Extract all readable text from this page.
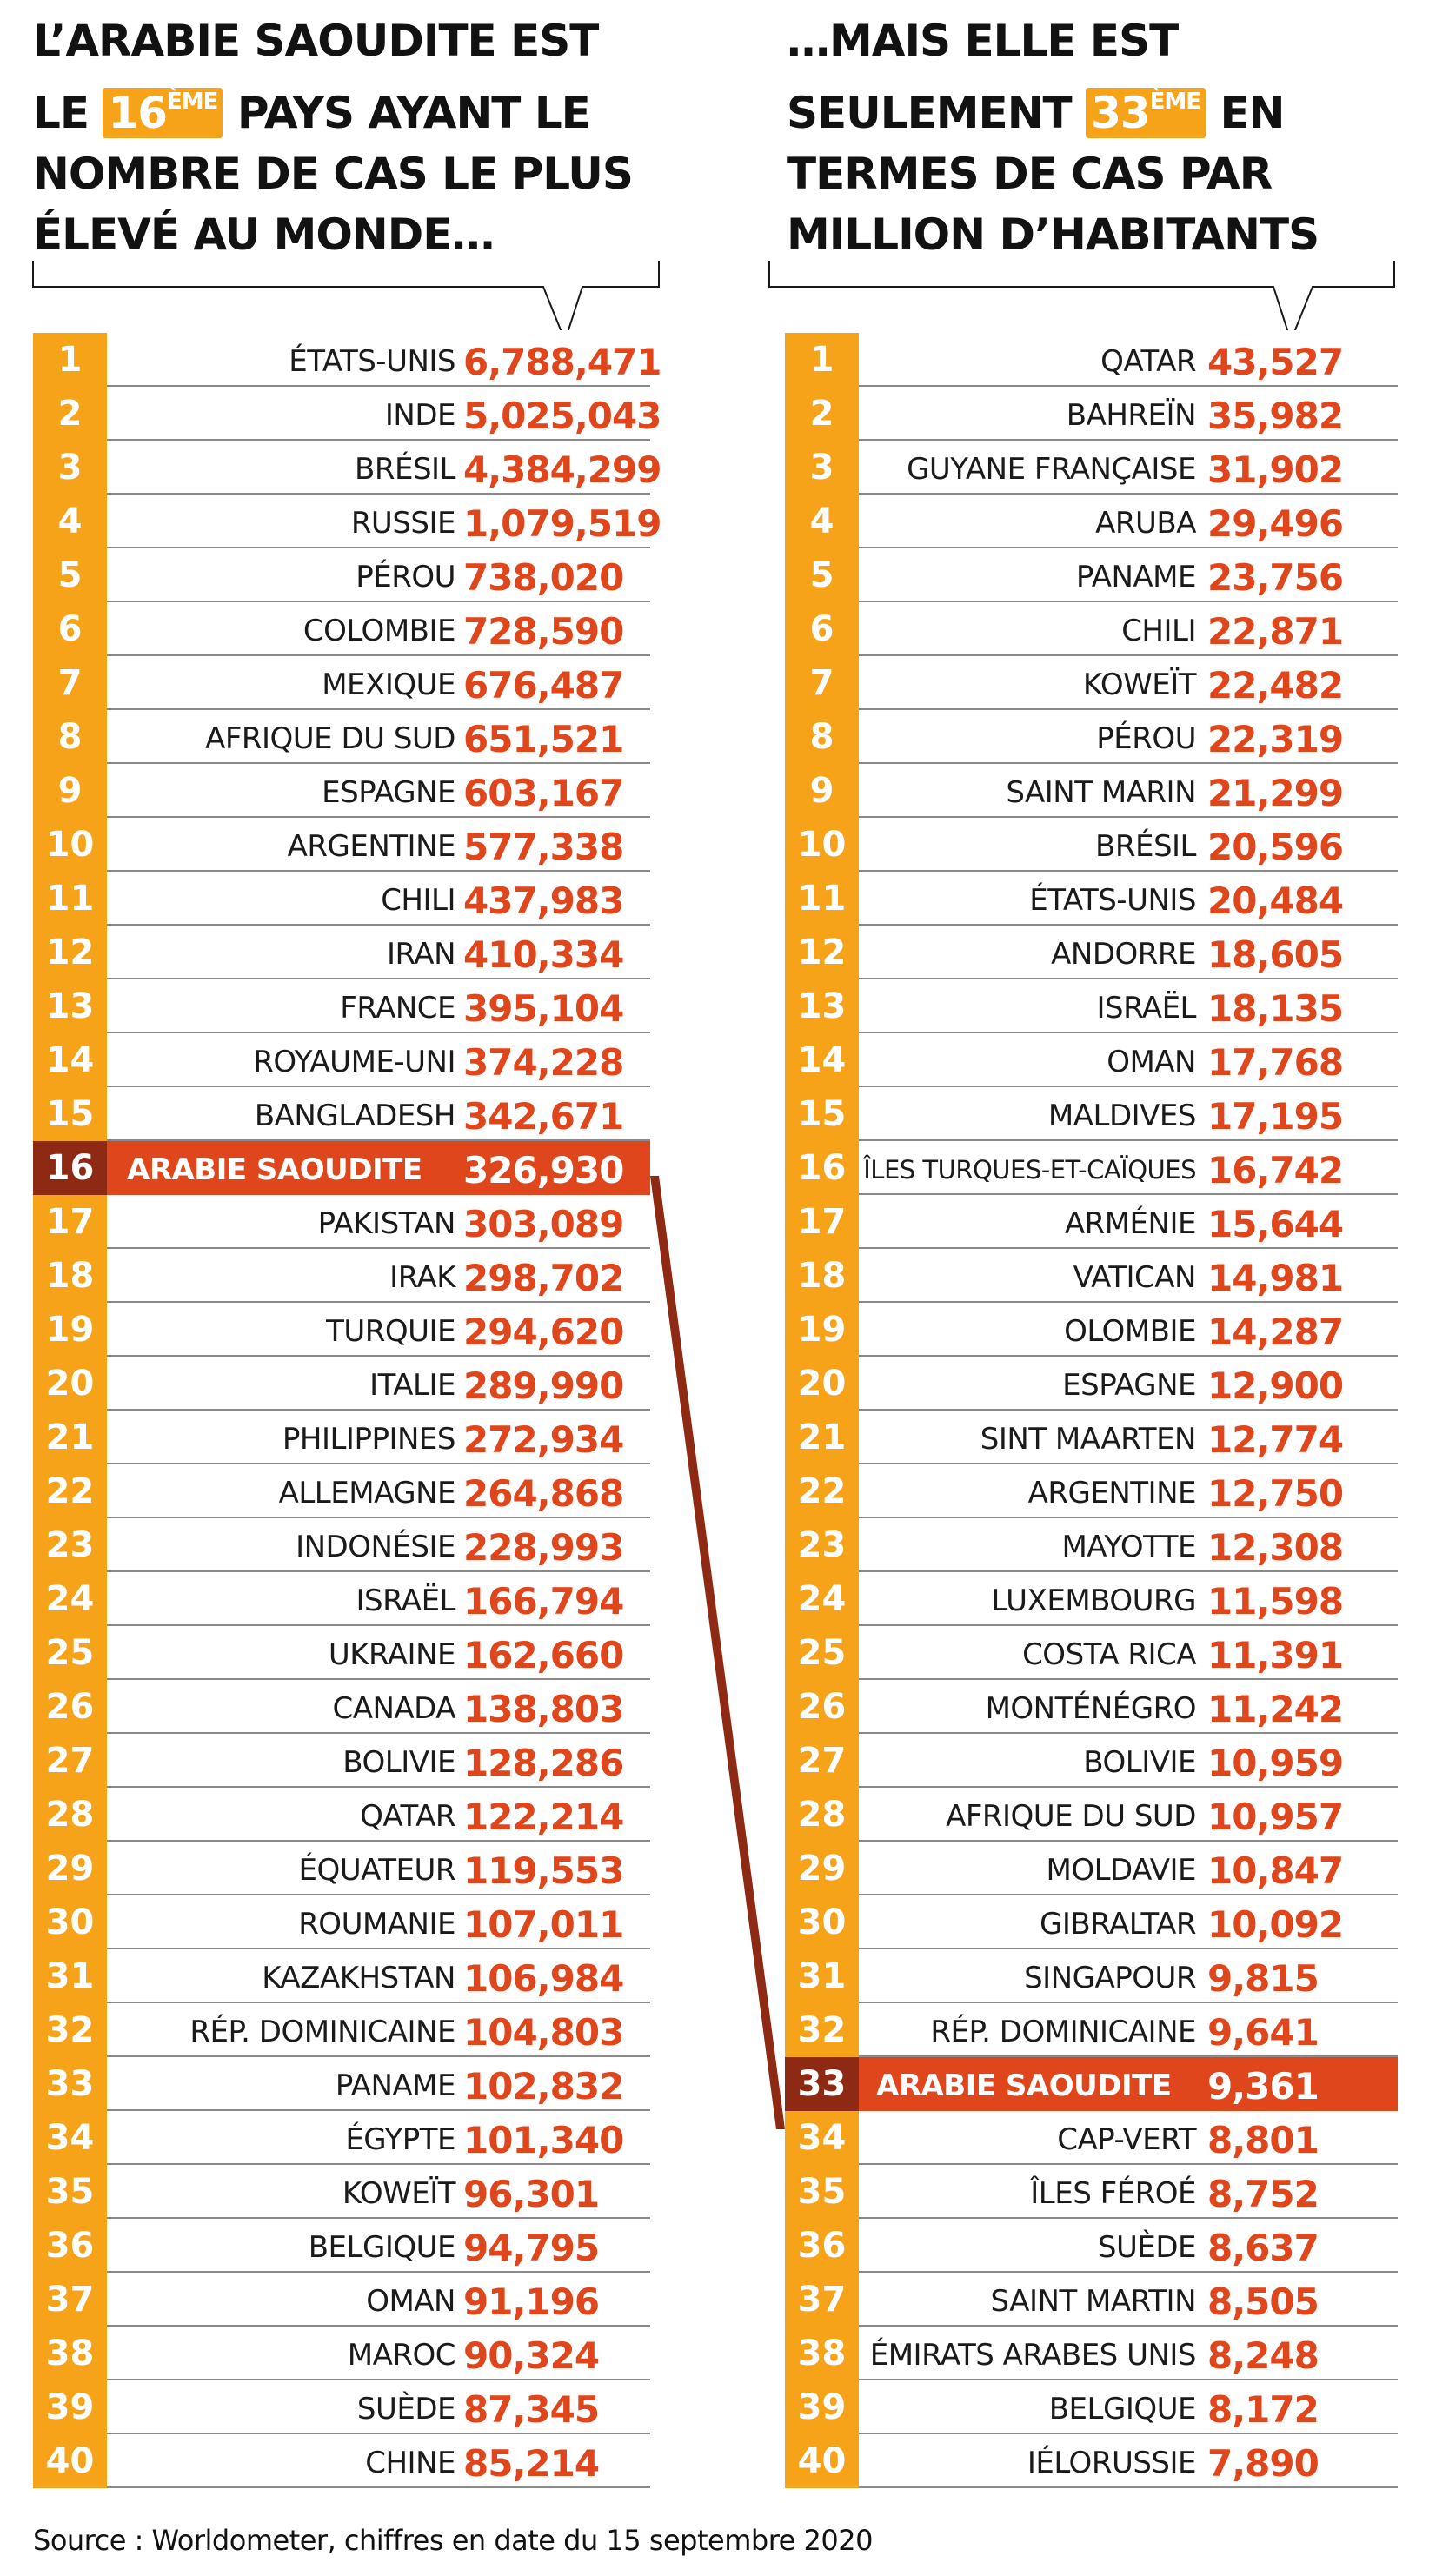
L’ARABIE SAOUDITE EST LE 16ÈME PAYS AYANT LE NOMBRE DE CAS LE PLUS ÉLEVÉ AU MONDE…
…MAIS ELLE EST SEULEMENT 33ÈME EN TERMES DE CAS PAR MILLION D’HABITANTS
1	ÉTATS-UNIS 6,788,471
2	INDE 5,025,043
3	BRÉSIL 4,384,299
4	RUSSIE 1,079,519
5	PÉROU 738,020
6	COLOMBIE 728,590
7	MEXIQUE 676,487
8	AFRIQUE DU SUD 651,521
9	ESPAGNE 603,167
10	ARGENTINE 577,338
11	CHILI 437,983
12	IRAN 410,334
13	FRANCE 395,104
14	ROYAUME-UNI 374,228
15	BANGLADESH 342,671
16	ARABIE SAOUDITE 326,930
17	PAKISTAN 303,089
18	IRAK 298,702
19	TURQUIE 294,620
20	ITALIE 289,990
21	PHILIPPINES 272,934
22	ALLEMAGNE 264,868
23	INDONÉSIE 228,993
24	ISRAËL 166,794
25	UKRAINE 162,660
26	CANADA 138,803
27	BOLIVIE 128,286
28	QATAR 122,214
29	ÉQUATEUR 119,553
30	ROUMANIE 107,011
31	KAZAKHSTAN 106,984
32	RÉP. DOMINICAINE 104,803
33	PANAME 102,832
34	ÉGYPTE 101,340
35	KOWEÏT 96,301
36	BELGIQUE 94,795
37	OMAN 91,196
38	MAROC 90,324
39	SUÈDE 87,345
40	CHINE 85,214
1	QATAR 43,527
2	BAHREÏN 35,982
3	GUYANE FRANÇAISE 31,902
4	ARUBA 29,496
5	PANAME 23,756
6	CHILI 22,871
7	KOWEÏT 22,482
8	PÉROU 22,319
9	SAINT MARIN 21,299
10	BRÉSIL 20,596
11	ÉTATS-UNIS 20,484
12	ANDORRE 18,605
13	ISRAËL 18,135
14	OMAN 17,768
15	MALDIVES 17,195
16 ÎLES TURQUES-ET-CAÏQUES 16,742
17	ARMÉNIE 15,644
18	VATICAN 14,981
19	OLOMBIE 14,287
20	ESPAGNE 12,900
21	SINT MAARTEN 12,774
22	ARGENTINE 12,750
23	MAYOTTE 12,308
24	LUXEMBOURG 11,598
25	COSTA RICA 11,391
26	MONTÉNÉGRO 11,242
27	BOLIVIE 10,959
28	AFRIQUE DU SUD 10,957
29	MOLDAVIE 10,847
30	GIBRALTAR 10,092
31	SINGAPOUR 9,815
32	RÉP. DOMINICAINE 9,641
33	ARABIE SAOUDITE 9,361
34	CAP-VERT 8,801
35	ÎLES FÉROÉ 8,752
36	SUÈDE 8,637
37	SAINT MARTIN 8,505
38 ÉMIRATS ARABES UNIS 8,248
39	BELGIQUE 8,172
40	IÉLORUSSIE 7,890
Source : Worldometer, chiffres en date du 15 septembre 2020
